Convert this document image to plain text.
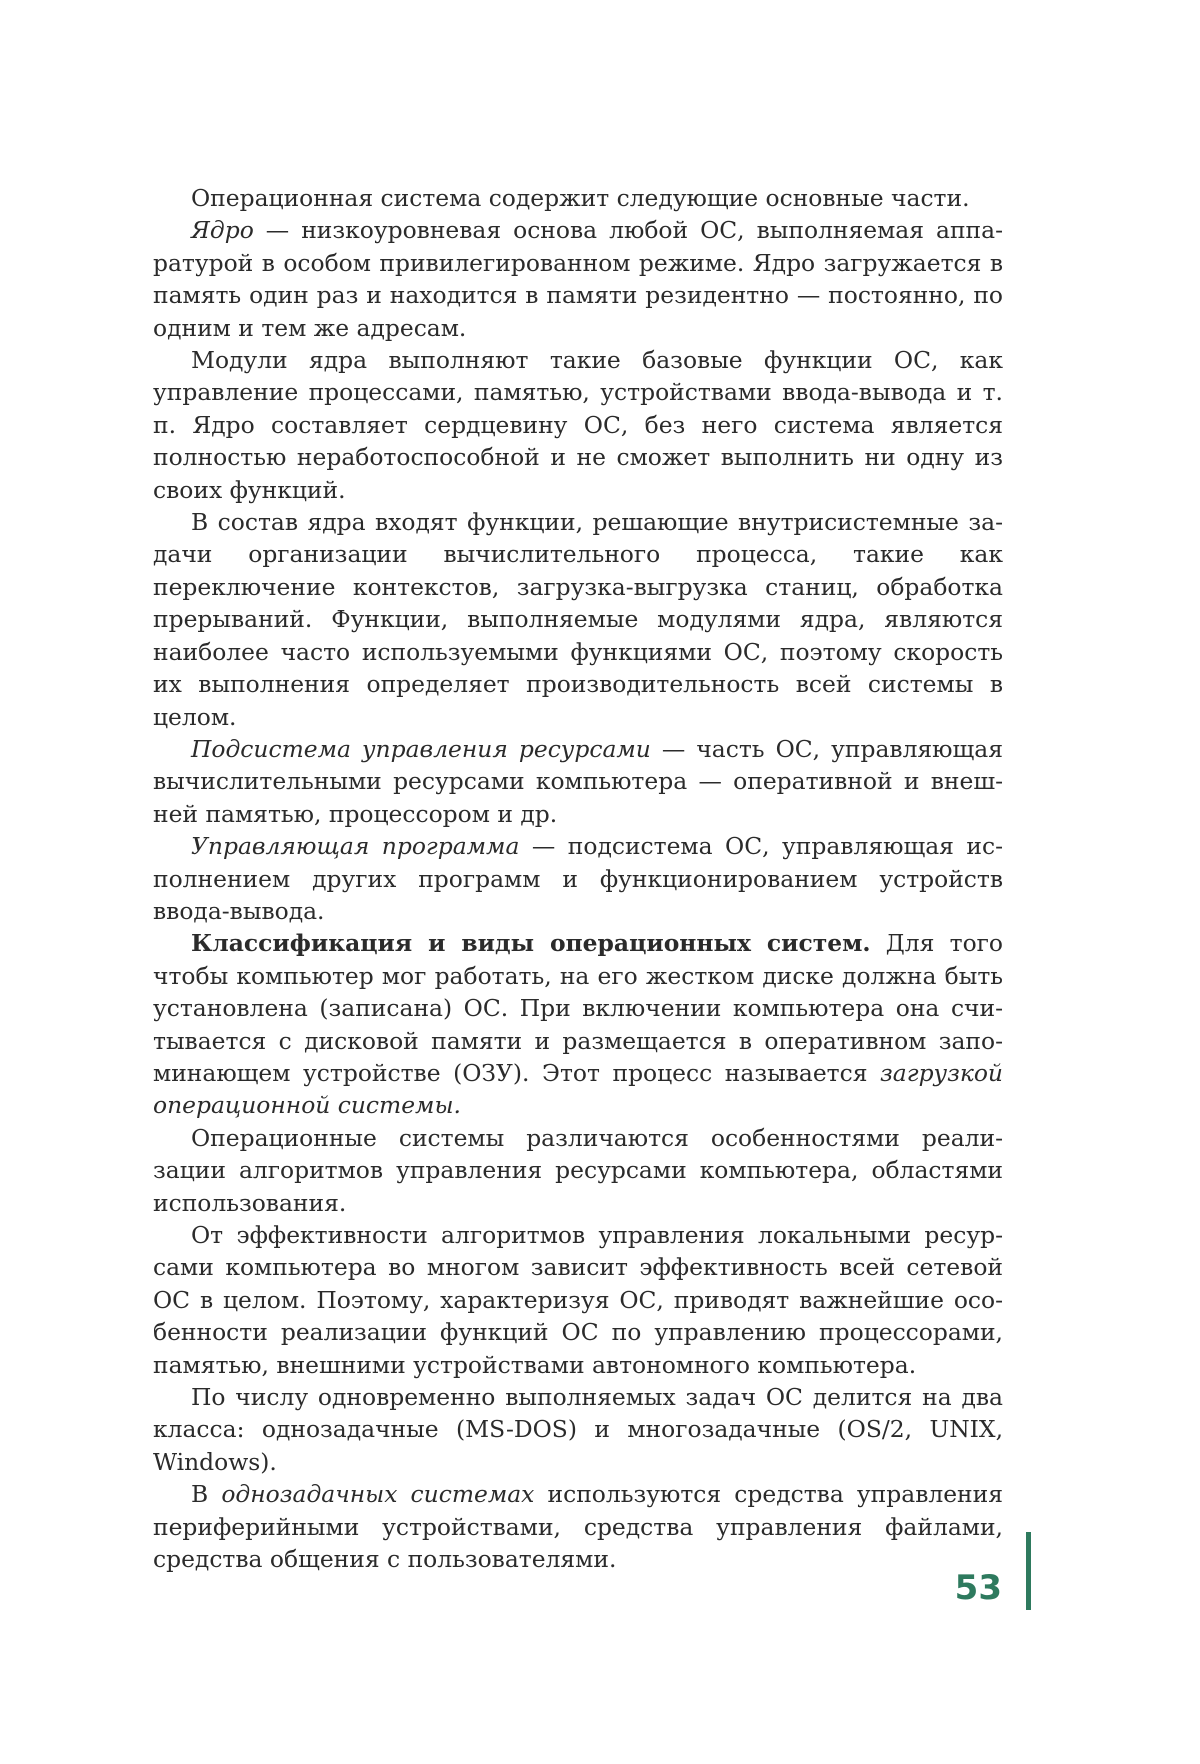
Операционная система содержит следующие основные части.

Ядро — низкоуровневая основа любой ОС, выполняемая аппаратурой в особом привилегированном режиме. Ядро загружается в память один раз и находится в памяти резидентно — постоянно, по одним и тем же адресам.

Модули ядра выполняют такие базовые функции ОС, как управление процессами, памятью, устройствами ввода-вывода и т. п. Ядро составляет сердцевину ОС, без него система является полностью неработоспособной и не сможет выполнить ни одну из своих функций.

В состав ядра входят функции, решающие внутрисистемные задачи организации вычислительного процесса, такие как переключение контекстов, загрузка-выгрузка станиц, обработка прерываний. Функции, выполняемые модулями ядра, являются наиболее часто используемыми функциями ОС, поэтому скорость их выполнения определяет производительность всей системы в целом.

Подсистема управления ресурсами — часть ОС, управляющая вычислительными ресурсами компьютера — оперативной и внешней памятью, процессором и др.

Управляющая программа — подсистема ОС, управляющая исполнением других программ и функционированием устройств ввода-вывода.

Классификация и виды операционных систем. Для того чтобы компьютер мог работать, на его жестком диске должна быть установлена (записана) ОС. При включении компьютера она считывается с дисковой памяти и размещается в оперативном запоминающем устройстве (ОЗУ). Этот процесс называется загрузкой операционной системы.

Операционные системы различаются особенностями реализации алгоритмов управления ресурсами компьютера, областями использования.

От эффективности алгоритмов управления локальными ресурсами компьютера во многом зависит эффективность всей сетевой ОС в целом. Поэтому, характеризуя ОС, приводят важнейшие особенности реализации функций ОС по управлению процессорами, памятью, внешними устройствами автономного компьютера.

По числу одновременно выполняемых задач ОС делится на два класса: однозадачные (MS-DOS) и многозадачные (OS/2, UNIX, Windows).

В однозадачных системах используются средства управления периферийными устройствами, средства управления файлами, средства общения с пользователями.

53
